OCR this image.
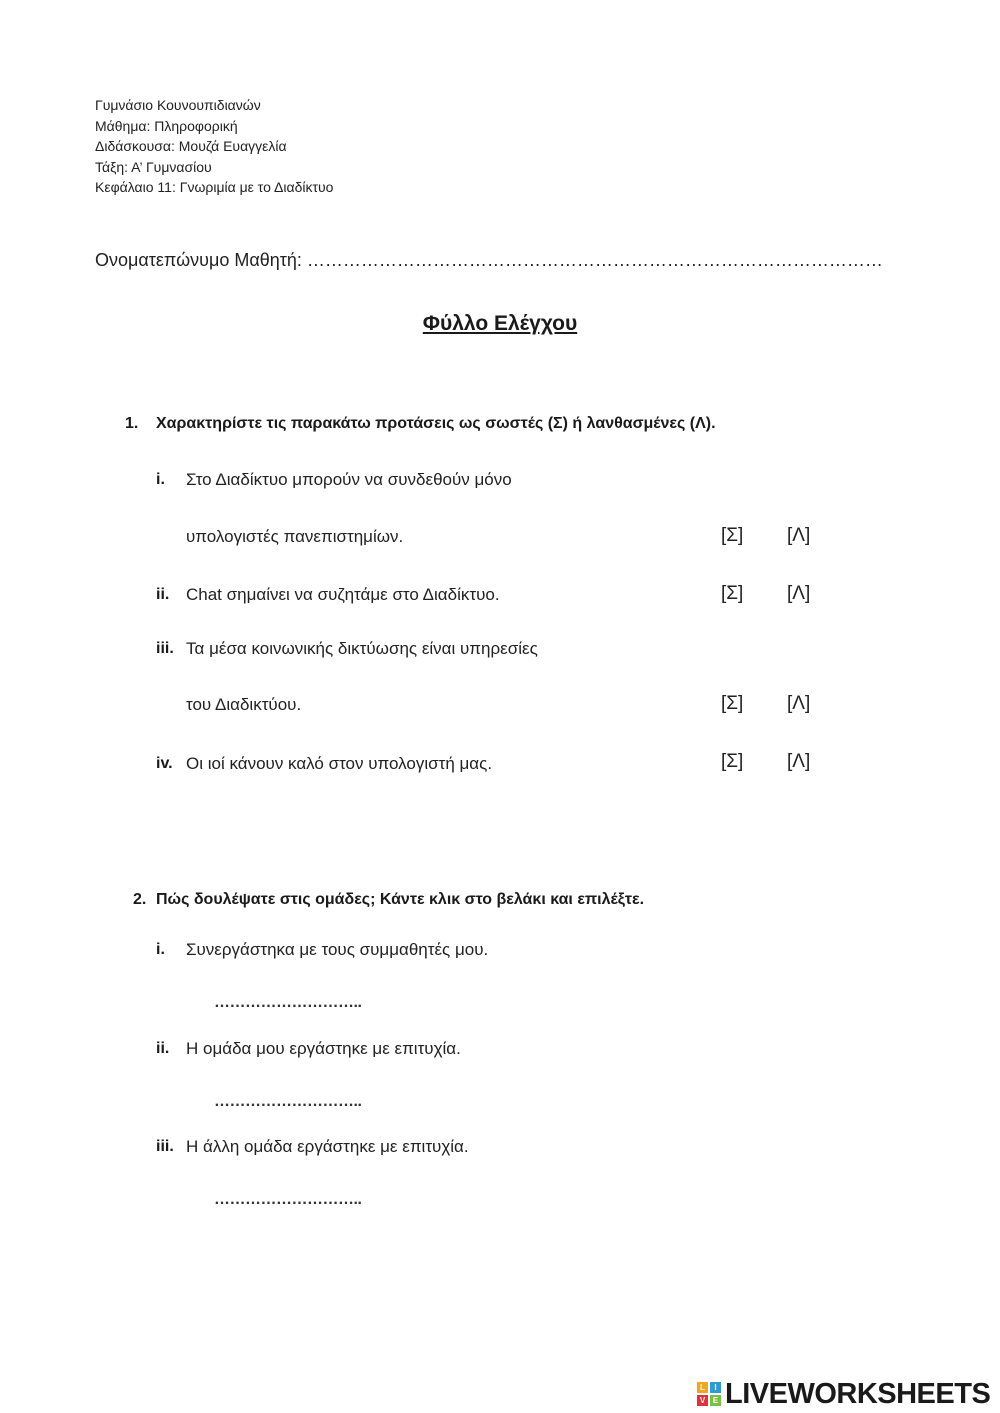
Γυμνάσιο Κουνουπιδιανών
Μάθημα: Πληροφορική
Διδάσκουσα: Μουζά Ευαγγελία
Τάξη: Α’ Γυμνασίου
Κεφάλαιο 11: Γνωριμία με το Διαδίκτυο
Ονοματεπώνυμο Μαθητή: ……………………………………………………………………………………
Φύλλο Ελέγχου
1. Χαρακτηρίστε τις παρακάτω προτάσεις ως σωστές (Σ) ή λανθασμένες (Λ).
i. Στο Διαδίκτυο μπορούν να συνδεθούν μόνο
υπολογιστές πανεπιστημίων.	[Σ] [Λ]
ii. Chat σημαίνει να συζητάμε στο Διαδίκτυο.	[Σ] [Λ]
iii. Τα μέσα κοινωνικής δικτύωσης είναι υπηρεσίες
του Διαδικτύου.	[Σ] [Λ]
iv. Οι ιοί κάνουν καλό στον υπολογιστή μας.	[Σ] [Λ]
2. Πώς δουλέψατε στις ομάδες; Κάντε κλικ στο βελάκι και επιλέξτε.
i. Συνεργάστηκα με τους συμμαθητές μου.
………………………..
ii. Η ομάδα μου εργάστηκε με επιτυχία.
………………………..
iii. Η άλλη ομάδα εργάστηκε με επιτυχία.
………………………..
L	I
V E LIVEWORKSHEETS
